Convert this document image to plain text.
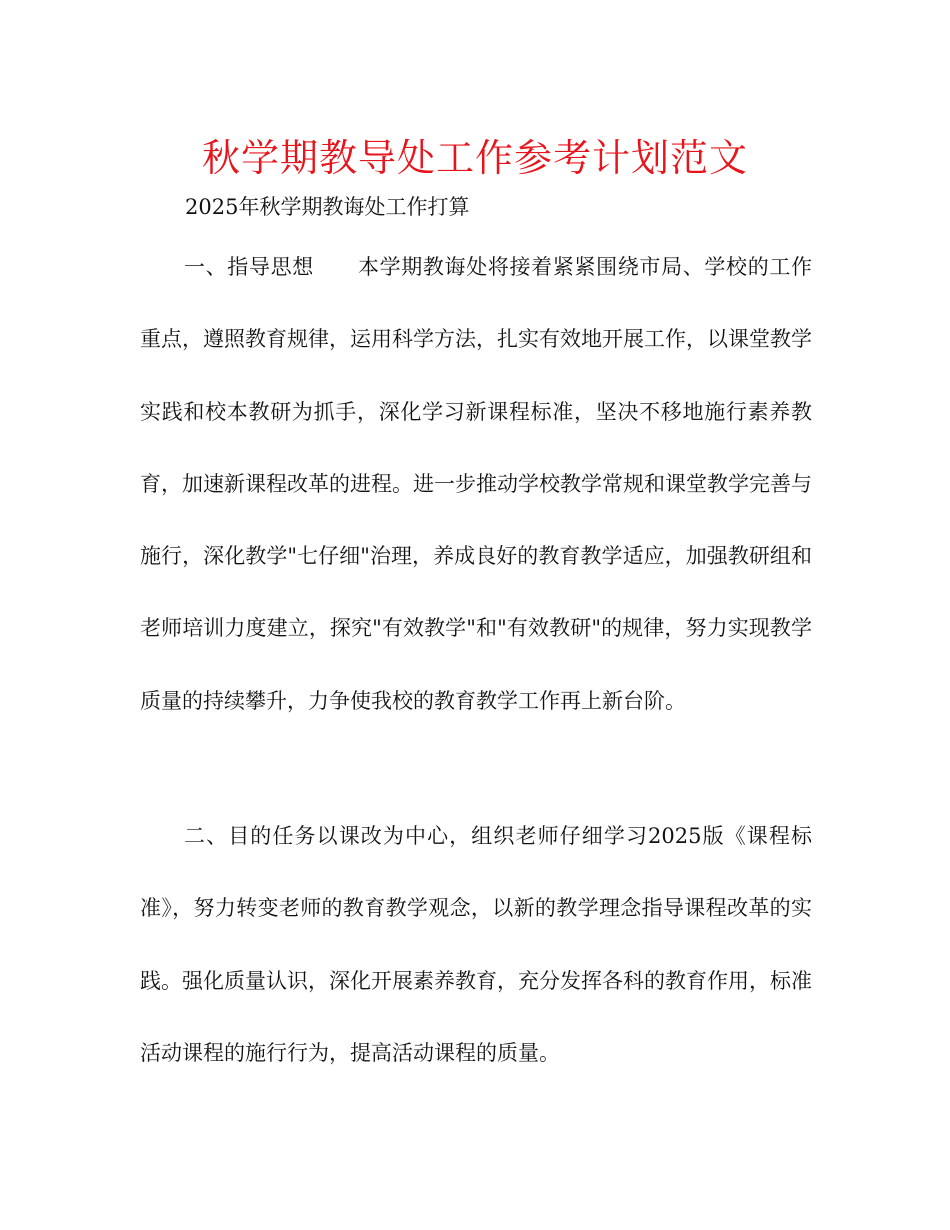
秋学期教导处工作参考计划范文

2025年秋学期教诲处工作打算

一、指导思想 本学期教诲处将接着紧紧围绕市局、学校的工作重点，遵照教育规律，运用科学方法，扎实有效地开展工作，以课堂教学实践和校本教研为抓手，深化学习新课程标准，坚决不移地施行素养教育，加速新课程改革的进程。进一步推动学校教学常规和课堂教学完善与施行，深化教学"七仔细"治理，养成良好的教育教学适应，加强教研组和老师培训力度建立，探究"有效教学"和"有效教研"的规律，努力实现教学质量的持续攀升，力争使我校的教育教学工作再上新台阶。

二、目的任务以课改为中心，组织老师仔细学习2025版《课程标准》，努力转变老师的教育教学观念，以新的教学理念指导课程改革的实践。强化质量认识，深化开展素养教育，充分发挥各科的教育作用，标准活动课程的施行行为，提高活动课程的质量。
